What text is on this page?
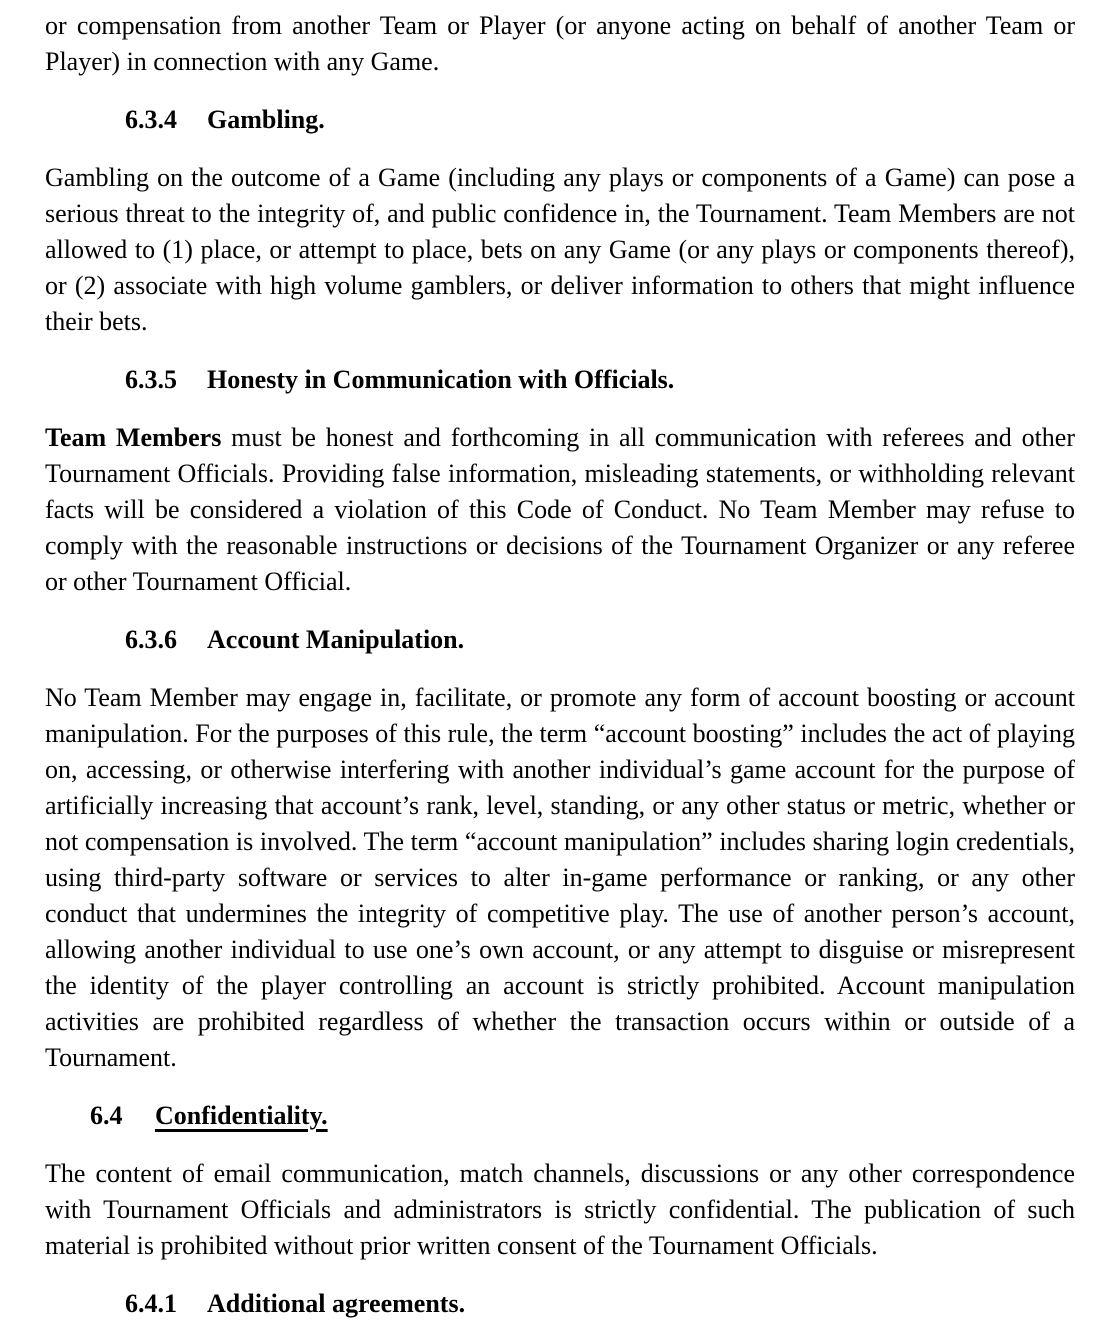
or compensation from another Team or Player (or anyone acting on behalf of another Team or Player) in connection with any Game.

6.3.4 Gambling.

Gambling on the outcome of a Game (including any plays or components of a Game) can pose a serious threat to the integrity of, and public confidence in, the Tournament. Team Members are not allowed to (1) place, or attempt to place, bets on any Game (or any plays or components thereof), or (2) associate with high volume gamblers, or deliver information to others that might influence their bets.

6.3.5 Honesty in Communication with Officials.

Team Members must be honest and forthcoming in all communication with referees and other Tournament Officials. Providing false information, misleading statements, or withholding relevant facts will be considered a violation of this Code of Conduct. No Team Member may refuse to comply with the reasonable instructions or decisions of the Tournament Organizer or any referee or other Tournament Official.

6.3.6 Account Manipulation.

No Team Member may engage in, facilitate, or promote any form of account boosting or account manipulation. For the purposes of this rule, the term “account boosting” includes the act of playing on, accessing, or otherwise interfering with another individual’s game account for the purpose of artificially increasing that account’s rank, level, standing, or any other status or metric, whether or not compensation is involved. The term “account manipulation” includes sharing login credentials, using third-party software or services to alter in-game performance or ranking, or any other conduct that undermines the integrity of competitive play. The use of another person’s account, allowing another individual to use one’s own account, or any attempt to disguise or misrepresent the identity of the player controlling an account is strictly prohibited. Account manipulation activities are prohibited regardless of whether the transaction occurs within or outside of a Tournament.

6.4 Confidentiality.

The content of email communication, match channels, discussions or any other correspondence with Tournament Officials and administrators is strictly confidential. The publication of such material is prohibited without prior written consent of the Tournament Officials.

6.4.1 Additional agreements.
